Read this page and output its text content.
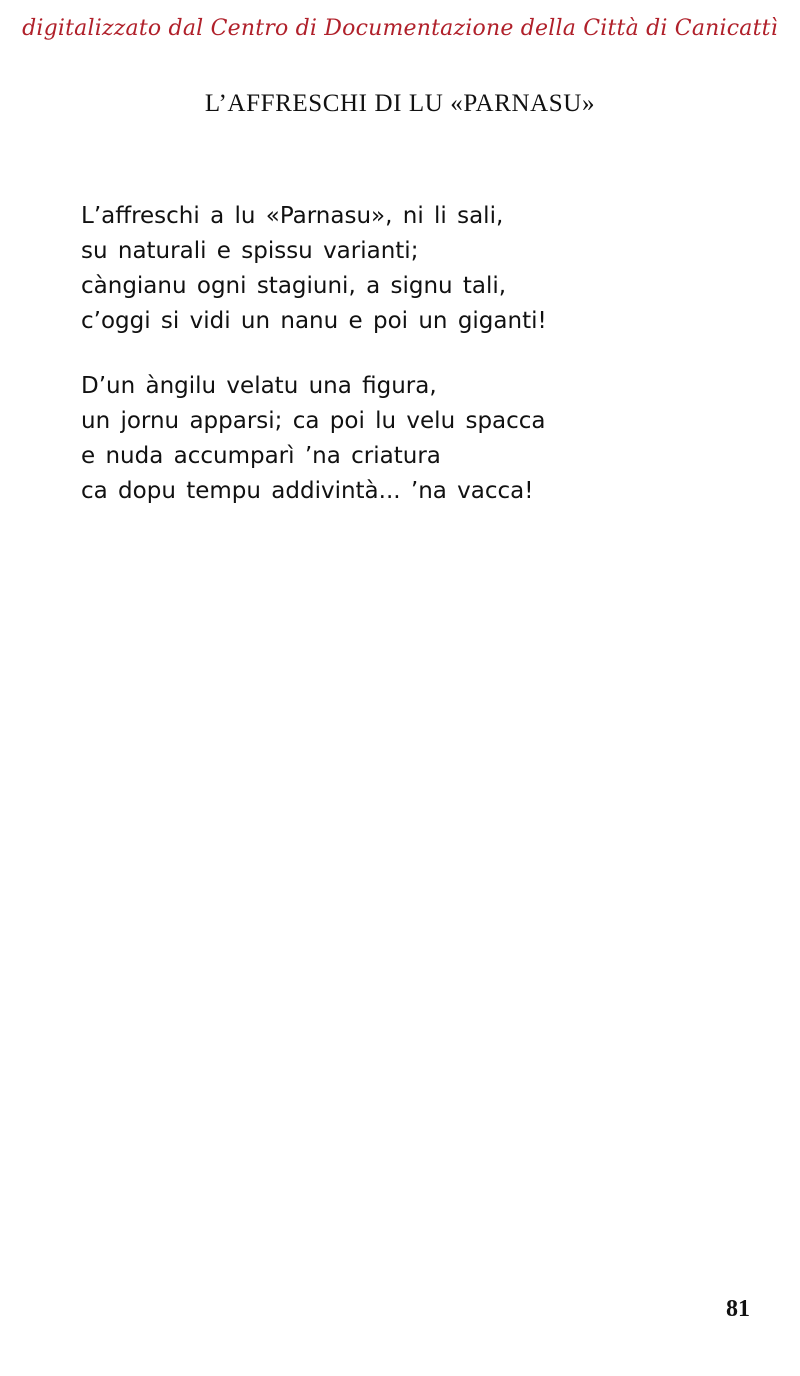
digitalizzato dal Centro di Documentazione della Città di Canicattì
L’AFFRESCHI DI LU «PARNASU»
L’affreschi a lu «Parnasu», ni li sali,
su naturali e spissu varianti;
càngianu ogni stagiuni, a signu tali,
c’oggi si vidi un nanu e poi un giganti!
D’un àngilu velatu una figura,
un jornu apparsi; ca poi lu velu spacca
e nuda accumparì ’na criatura
ca dopu tempu addivintà... ’na vacca!
81
